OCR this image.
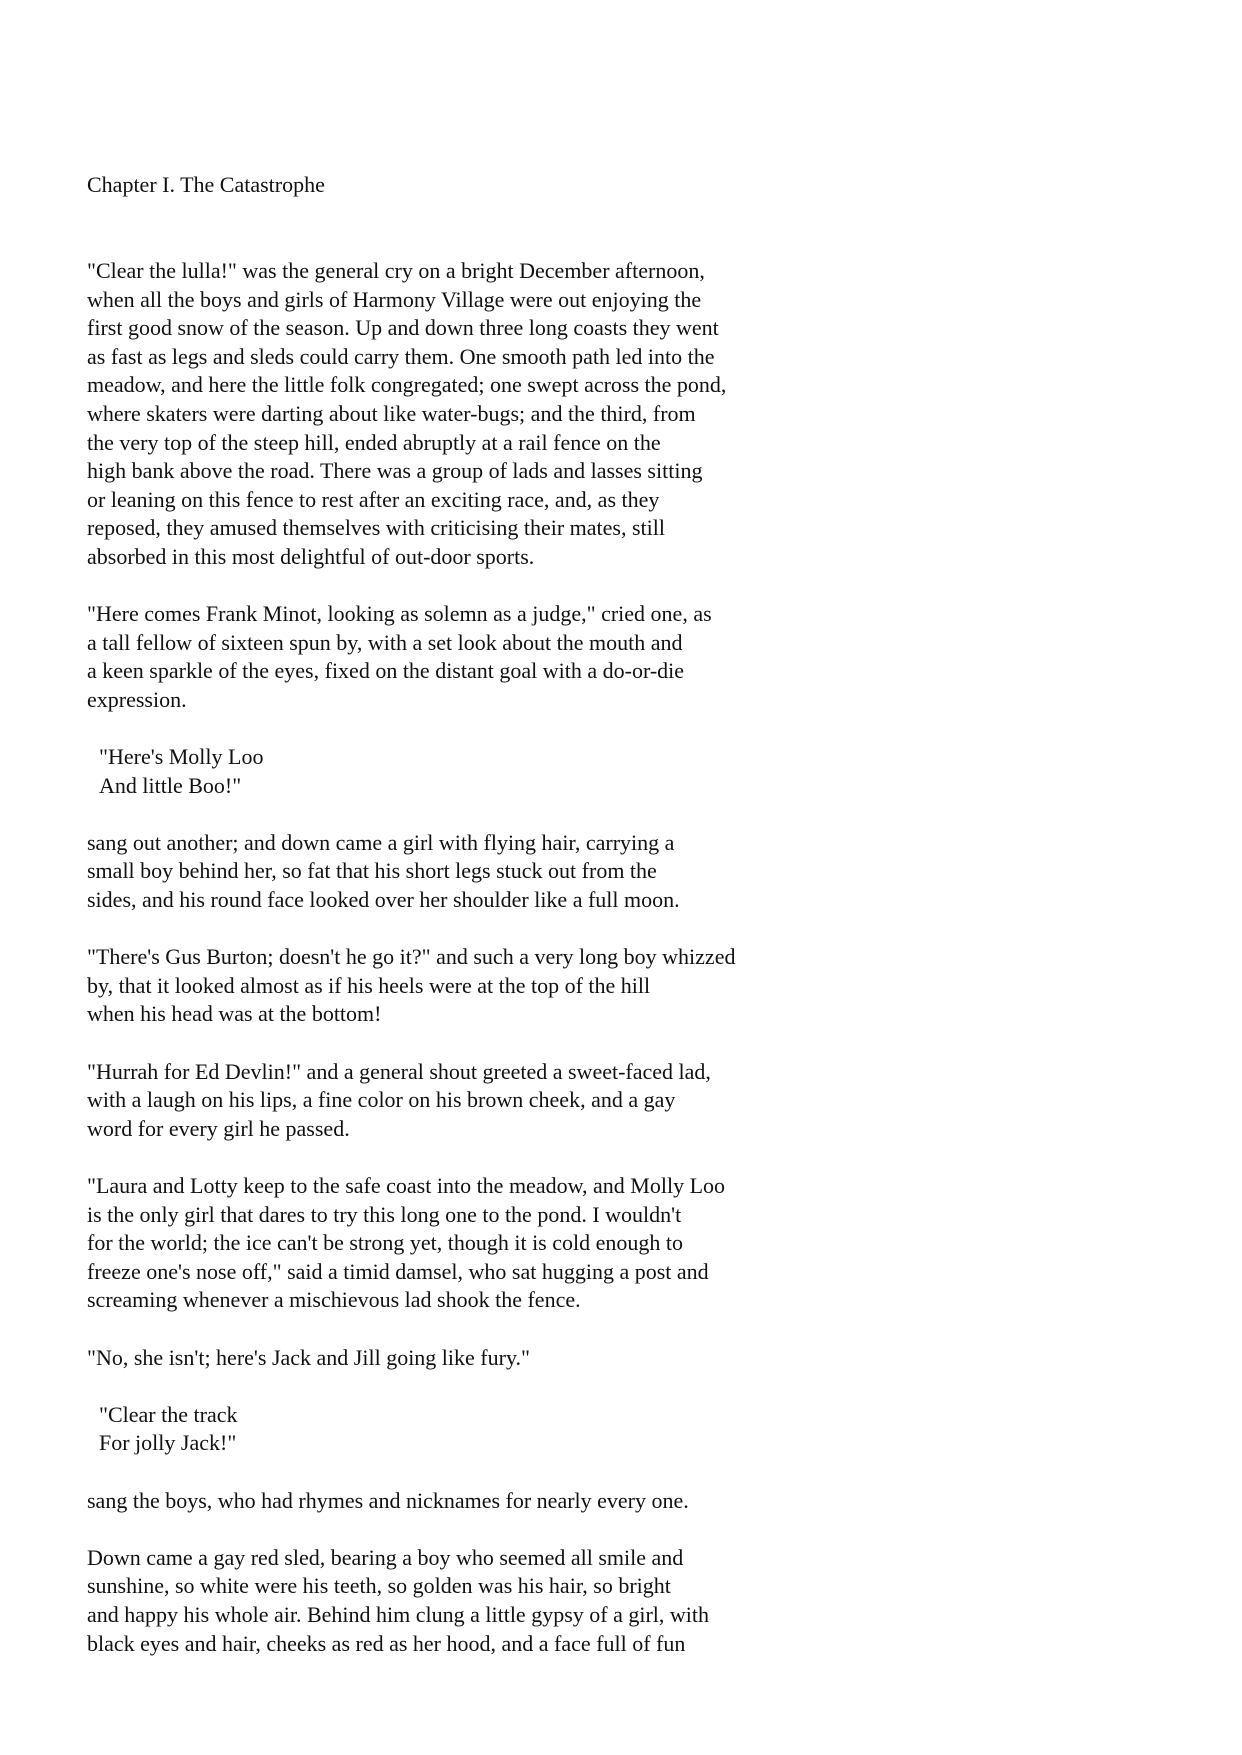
Chapter I. The Catastrophe

"Clear the lulla!" was the general cry on a bright December afternoon,
when all the boys and girls of Harmony Village were out enjoying the
first good snow of the season. Up and down three long coasts they went
as fast as legs and sleds could carry them. One smooth path led into the
meadow, and here the little folk congregated; one swept across the pond,
where skaters were darting about like water-bugs; and the third, from
the very top of the steep hill, ended abruptly at a rail fence on the
high bank above the road. There was a group of lads and lasses sitting
or leaning on this fence to rest after an exciting race, and, as they
reposed, they amused themselves with criticising their mates, still
absorbed in this most delightful of out-door sports.

"Here comes Frank Minot, looking as solemn as a judge," cried one, as
a tall fellow of sixteen spun by, with a set look about the mouth and
a keen sparkle of the eyes, fixed on the distant goal with a do-or-die
expression.

"Here's Molly Loo
And little Boo!"

sang out another; and down came a girl with flying hair, carrying a
small boy behind her, so fat that his short legs stuck out from the
sides, and his round face looked over her shoulder like a full moon.

"There's Gus Burton; doesn't he go it?" and such a very long boy whizzed
by, that it looked almost as if his heels were at the top of the hill
when his head was at the bottom!

"Hurrah for Ed Devlin!" and a general shout greeted a sweet-faced lad,
with a laugh on his lips, a fine color on his brown cheek, and a gay
word for every girl he passed.

"Laura and Lotty keep to the safe coast into the meadow, and Molly Loo
is the only girl that dares to try this long one to the pond. I wouldn't
for the world; the ice can't be strong yet, though it is cold enough to
freeze one's nose off," said a timid damsel, who sat hugging a post and
screaming whenever a mischievous lad shook the fence.

"No, she isn't; here's Jack and Jill going like fury."

"Clear the track
For jolly Jack!"

sang the boys, who had rhymes and nicknames for nearly every one.

Down came a gay red sled, bearing a boy who seemed all smile and
sunshine, so white were his teeth, so golden was his hair, so bright
and happy his whole air. Behind him clung a little gypsy of a girl, with
black eyes and hair, cheeks as red as her hood, and a face full of fun
